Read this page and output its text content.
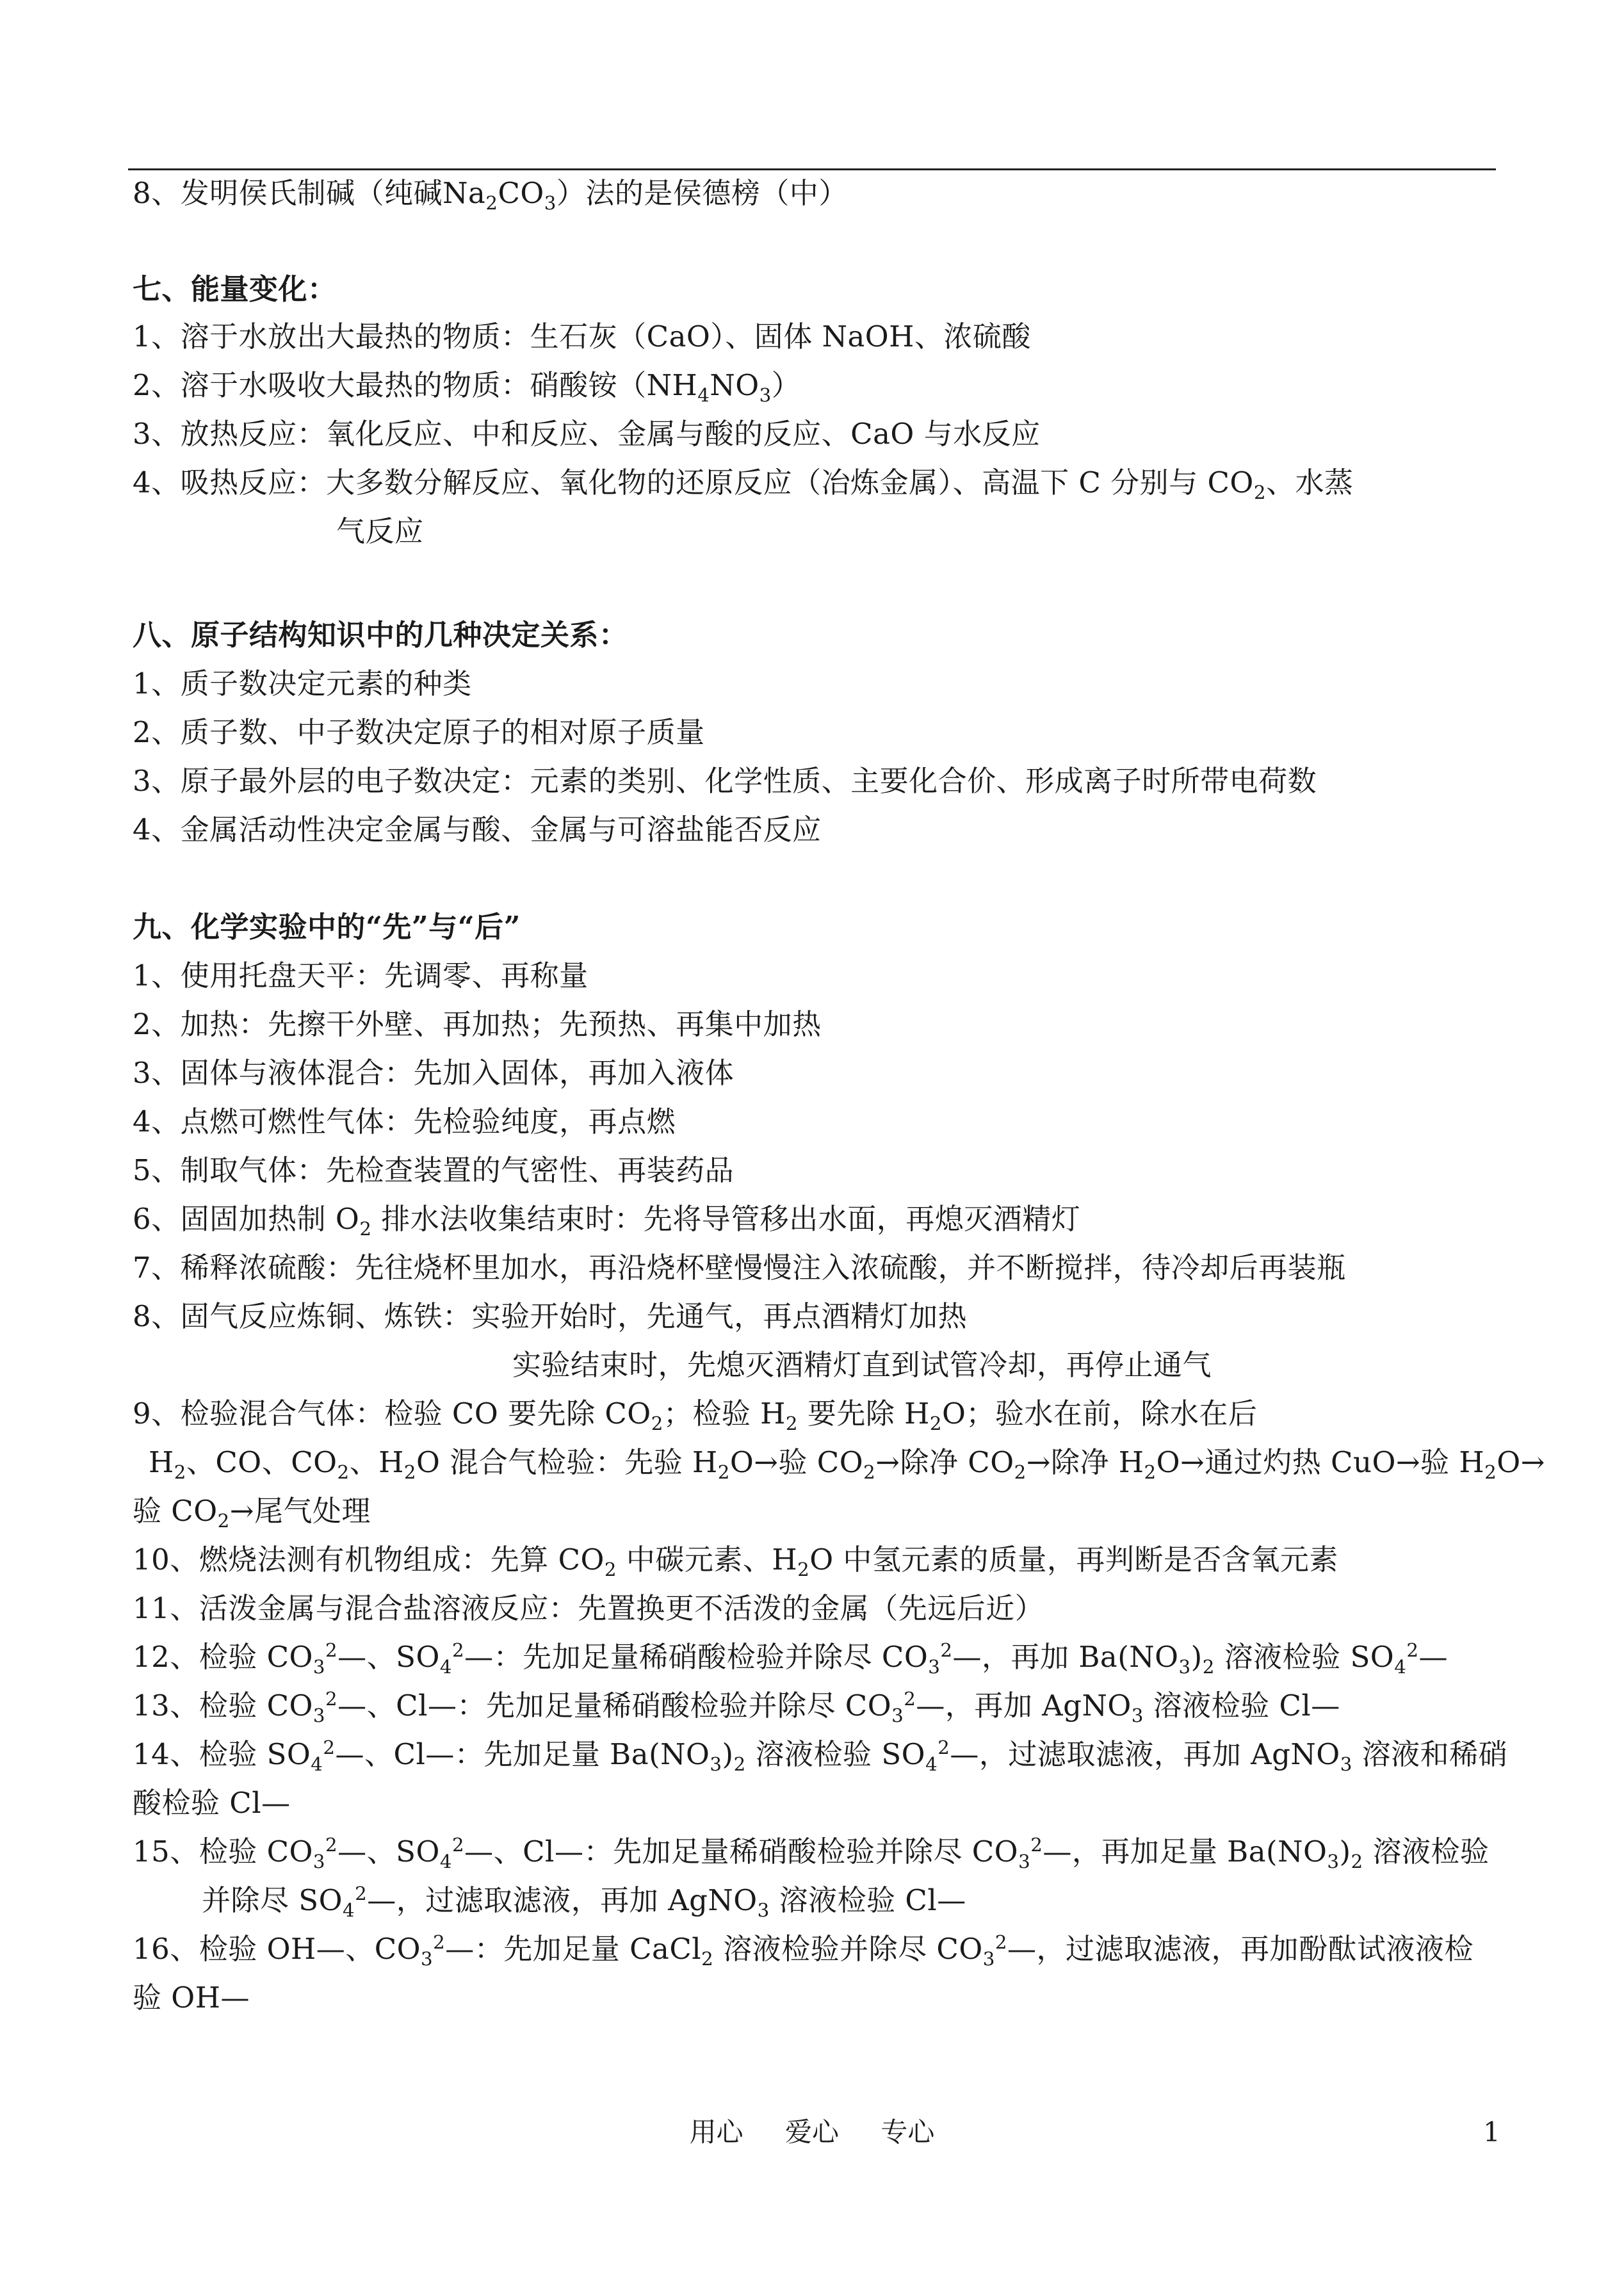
8、发明侯氏制碱（纯碱$Na_2CO_3$）法的是侯德榜（中）
七、能量变化：
1、溶于水放出大最热的物质：生石灰（CaO）、固体 NaOH、浓硫酸
2、溶于水吸收大最热的物质：硝酸铵$(NH_4NO_3)$
3、放热反应：氧化反应、中和反应、金属与酸的反应、CaO 与水反应
4、吸热反应：大多数分解反应、氧化物的还原反应（冶炼金属）、高温下 C 分别与 $CO_2$、水蒸
气反应
八、原子结构知识中的几种决定关系：
1、质子数决定元素的种类
2、质子数、中子数决定原子的相对原子质量
3、原子最外层的电子数决定：元素的类别、化学性质、主要化合价、形成离子时所带电荷数
4、金属活动性决定金属与酸、金属与可溶盐能否反应
九、化学实验中的“先”与“后”
1、使用托盘天平：先调零、再称量
2、加热：先擦干外壁、再加热；先预热、再集中加热
3、固体与液体混合：先加入固体，再加入液体
4、点燃可燃性气体：先检验纯度，再点燃
5、制取气体：先检查装置的气密性、再装药品
6、固固加热制 $O_2$ 排水法收集结束时：先将导管移出水面，再熄灭酒精灯
7、稀释浓硫酸：先往烧杯里加水，再沿烧杯壁慢慢注入浓硫酸，并不断搅拌，待冷却后再装瓶
8、固气反应炼铜、炼铁：实验开始时，先通气，再点酒精灯加热
实验结束时，先熄灭酒精灯直到试管冷却，再停止通气
9、检验混合气体：检验 CO 要先除 $CO_2$；检验 $H_2$ 要先除 $H_2O$；验水在前，除水在后
$H_2$、CO、$CO_2$、$H_2O$ 混合气检验：先验 $H_2O\to$验 $CO_2\to$除净 $CO_2\to$除净 $H_2O\to$通过灼热 CuO→验 $H_2O\to$
验 $CO_2\to$尾气处理
10、燃烧法测有机物组成：先算 $CO_2$ 中碳元素、$H_2O$ 中氢元素的质量，再判断是否含氧元素
11、活泼金属与混合盐溶液反应：先置换更不活泼的金属（先远后近）
12、检验 $CO_3^2—$、$SO_4^2—$：先加足量稀硝酸检验并除尽 $CO_3^2—$，再加 $Ba(NO_3)_2$ 溶液检验 $SO_4^2—$
13、检验 $CO_3^2—$、Cl—：先加足量稀硝酸检验并除尽 $CO_3^2—$，再加 AgNO$_3$ 溶液检验 Cl—
14、检验 $SO_4^2—$、Cl—：先加足量 $Ba(NO_3)_2$ 溶液检验 $SO_4^2—$，过滤取滤液，再加 AgNO$_3$ 溶液和稀硝
酸检验 Cl—
15、检验 $CO_3^2—$、$SO_4^2—$、Cl—：先加足量稀硝酸检验并除尽 $CO_3^2—$，再加足量 $Ba(NO_3)_2$ 溶液检验
并除尽 $SO_4^2—$，过滤取滤液，再加 AgNO$_3$ 溶液检验 Cl—
16、检验 OH—、$CO_3^2—$：先加足量 CaCl$_2$ 溶液检验并除尽 $CO_3^2—$，过滤取滤液，再加酚酞试液液检
验 OH—
用心 爱心 专心	1
